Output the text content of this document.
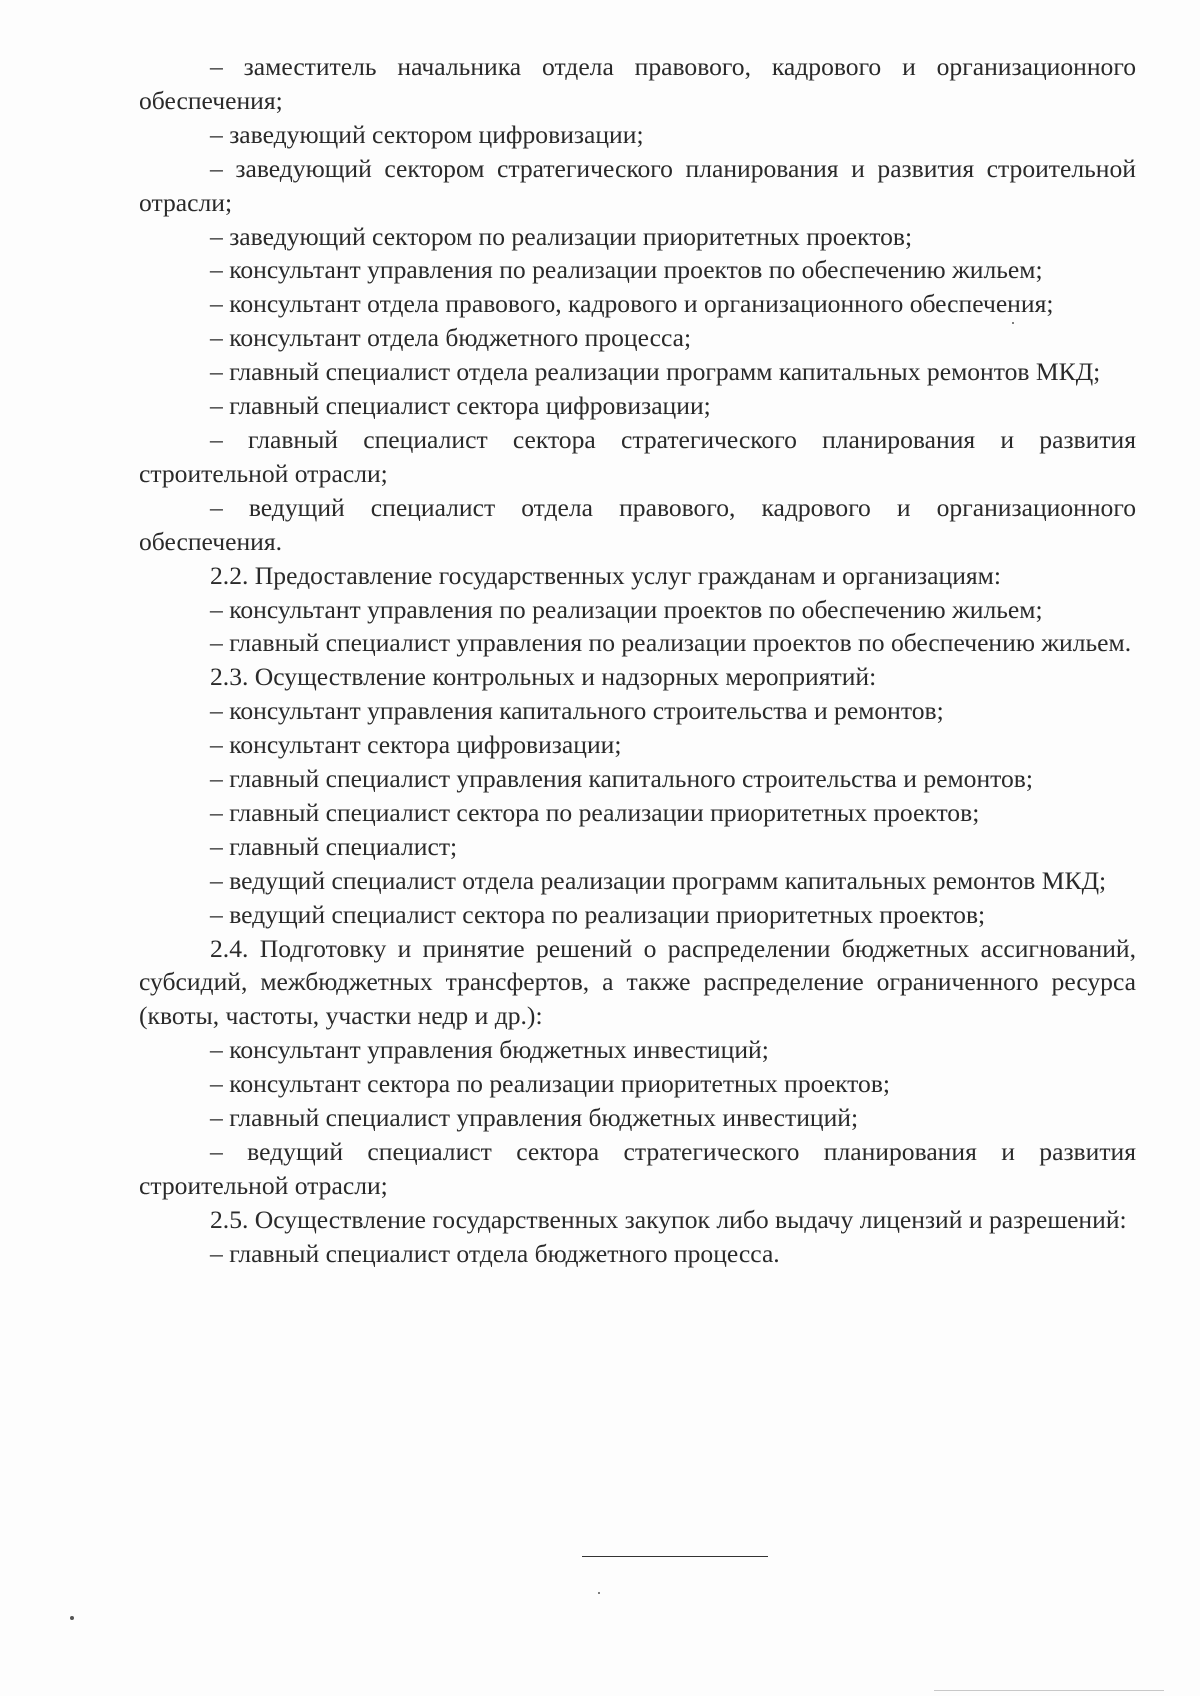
– заместитель начальника отдела правового, кадрового и организационного обеспечения;

– заведующий сектором цифровизации;

– заведующий сектором стратегического планирования и развития строительной отрасли;

– заведующий сектором по реализации приоритетных проектов;

– консультант управления по реализации проектов по обеспечению жильем;

– консультант отдела правового, кадрового и организационного обеспечения;

– консультант отдела бюджетного процесса;

– главный специалист отдела реализации программ капитальных ремонтов МКД;

– главный специалист сектора цифровизации;

– главный специалист сектора стратегического планирования и развития строительной отрасли;

– ведущий специалист отдела правового, кадрового и организационного обеспечения.

2.2. Предоставление государственных услуг гражданам и организациям:

– консультант управления по реализации проектов по обеспечению жильем;

– главный специалист управления по реализации проектов по обеспечению жильем.

2.3. Осуществление контрольных и надзорных мероприятий:

– консультант управления капитального строительства и ремонтов;

– консультант сектора цифровизации;

– главный специалист управления капитального строительства и ремонтов;

– главный специалист сектора по реализации приоритетных проектов;

– главный специалист;

– ведущий специалист отдела реализации программ капитальных ремонтов МКД;

– ведущий специалист сектора по реализации приоритетных проектов;

2.4. Подготовку и принятие решений о распределении бюджетных ассигнований, субсидий, межбюджетных трансфертов, а также распределение ограниченного ресурса (квоты, частоты, участки недр и др.):

– консультант управления бюджетных инвестиций;

– консультант сектора по реализации приоритетных проектов;

– главный специалист управления бюджетных инвестиций;

– ведущий специалист сектора стратегического планирования и развития строительной отрасли;

2.5. Осуществление государственных закупок либо выдачу лицензий и разрешений:

– главный специалист отдела бюджетного процесса.
